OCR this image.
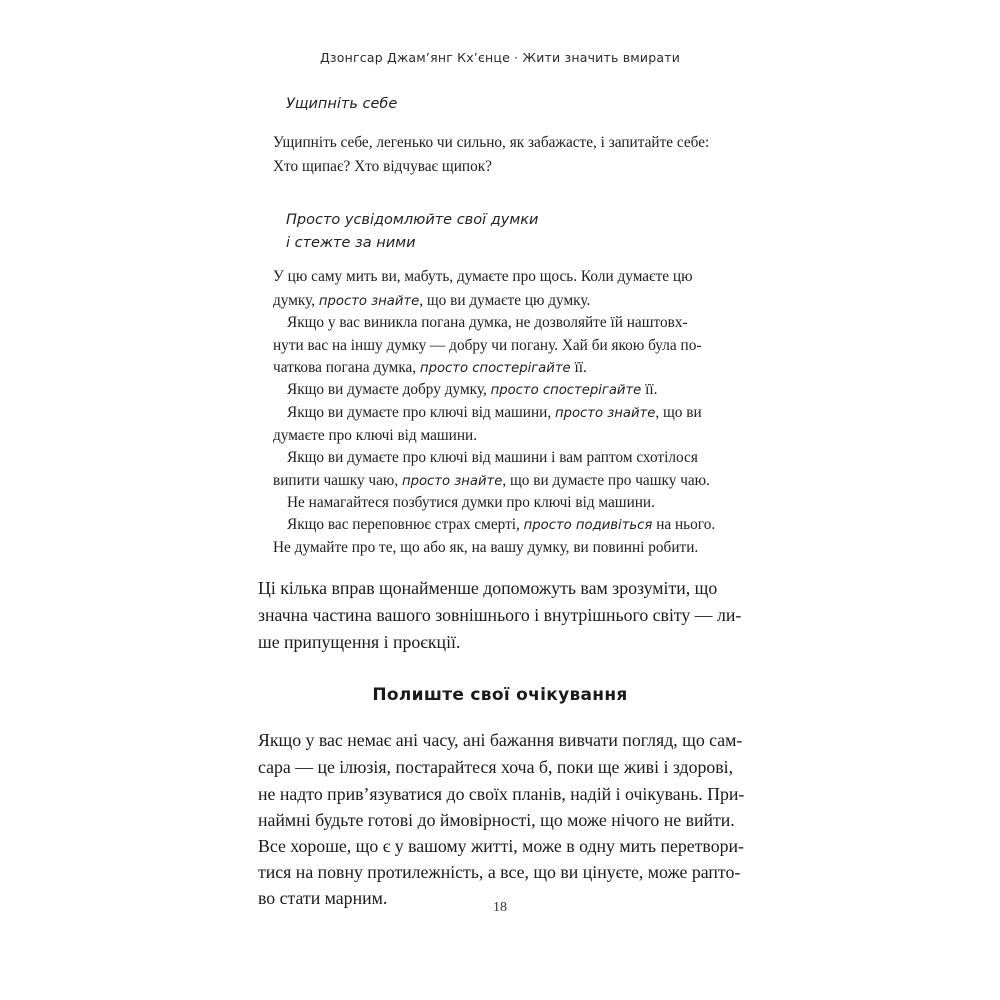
Дзонгсар Джам’янг Кх’єнце · Жити значить вмирати
Ущипніть себе
Ущипніть себе, легенько чи сильно, як забажасте, і запитайте себе:
Хто щипає? Хто відчуває щипок?
Просто усвідомлюйте свої думки
і стежте за ними
У цю саму мить ви, мабуть, думаєте про щось. Коли думаєте цю
думку, просто знайте, що ви думаєте цю думку.
Якщо у вас виникла погана думка, не дозволяйте їй наштовх-
нути вас на іншу думку — добру чи погану. Хай би якою була по-
чаткова погана думка, просто спостерігайте її.
Якщо ви думаєте добру думку, просто спостерігайте її.
Якщо ви думаєте про ключі від машини, просто знайте, що ви
думаєте про ключі від машини.
Якщо ви думаєте про ключі від машини і вам раптом схотілося
випити чашку чаю, просто знайте, що ви думаєте про чашку чаю.
Не намагайтеся позбутися думки про ключі від машини.
Якщо вас переповнює страх смерті, просто подивіться на нього.
Не думайте про те, що або як, на вашу думку, ви повинні робити.
Ці кілька вправ щонайменше допоможуть вам зрозуміти, що
значна частина вашого зовнішнього і внутрішнього світу — ли-
ше припущення і проєкції.
Полиште свої очікування
Якщо у вас немає ані часу, ані бажання вивчати погляд, що сам-
сара — це ілюзія, постарайтеся хоча б, поки ще живі і здорові,
не надто прив’язуватися до своїх планів, надій і очікувань. При-
наймні будьте готові до ймовірності, що може нічого не вийти.
Все хороше, що є у вашому житті, може в одну мить перетвори-
тися на повну протилежність, а все, що ви цінуєте, може рапто-
во стати марним.	18
